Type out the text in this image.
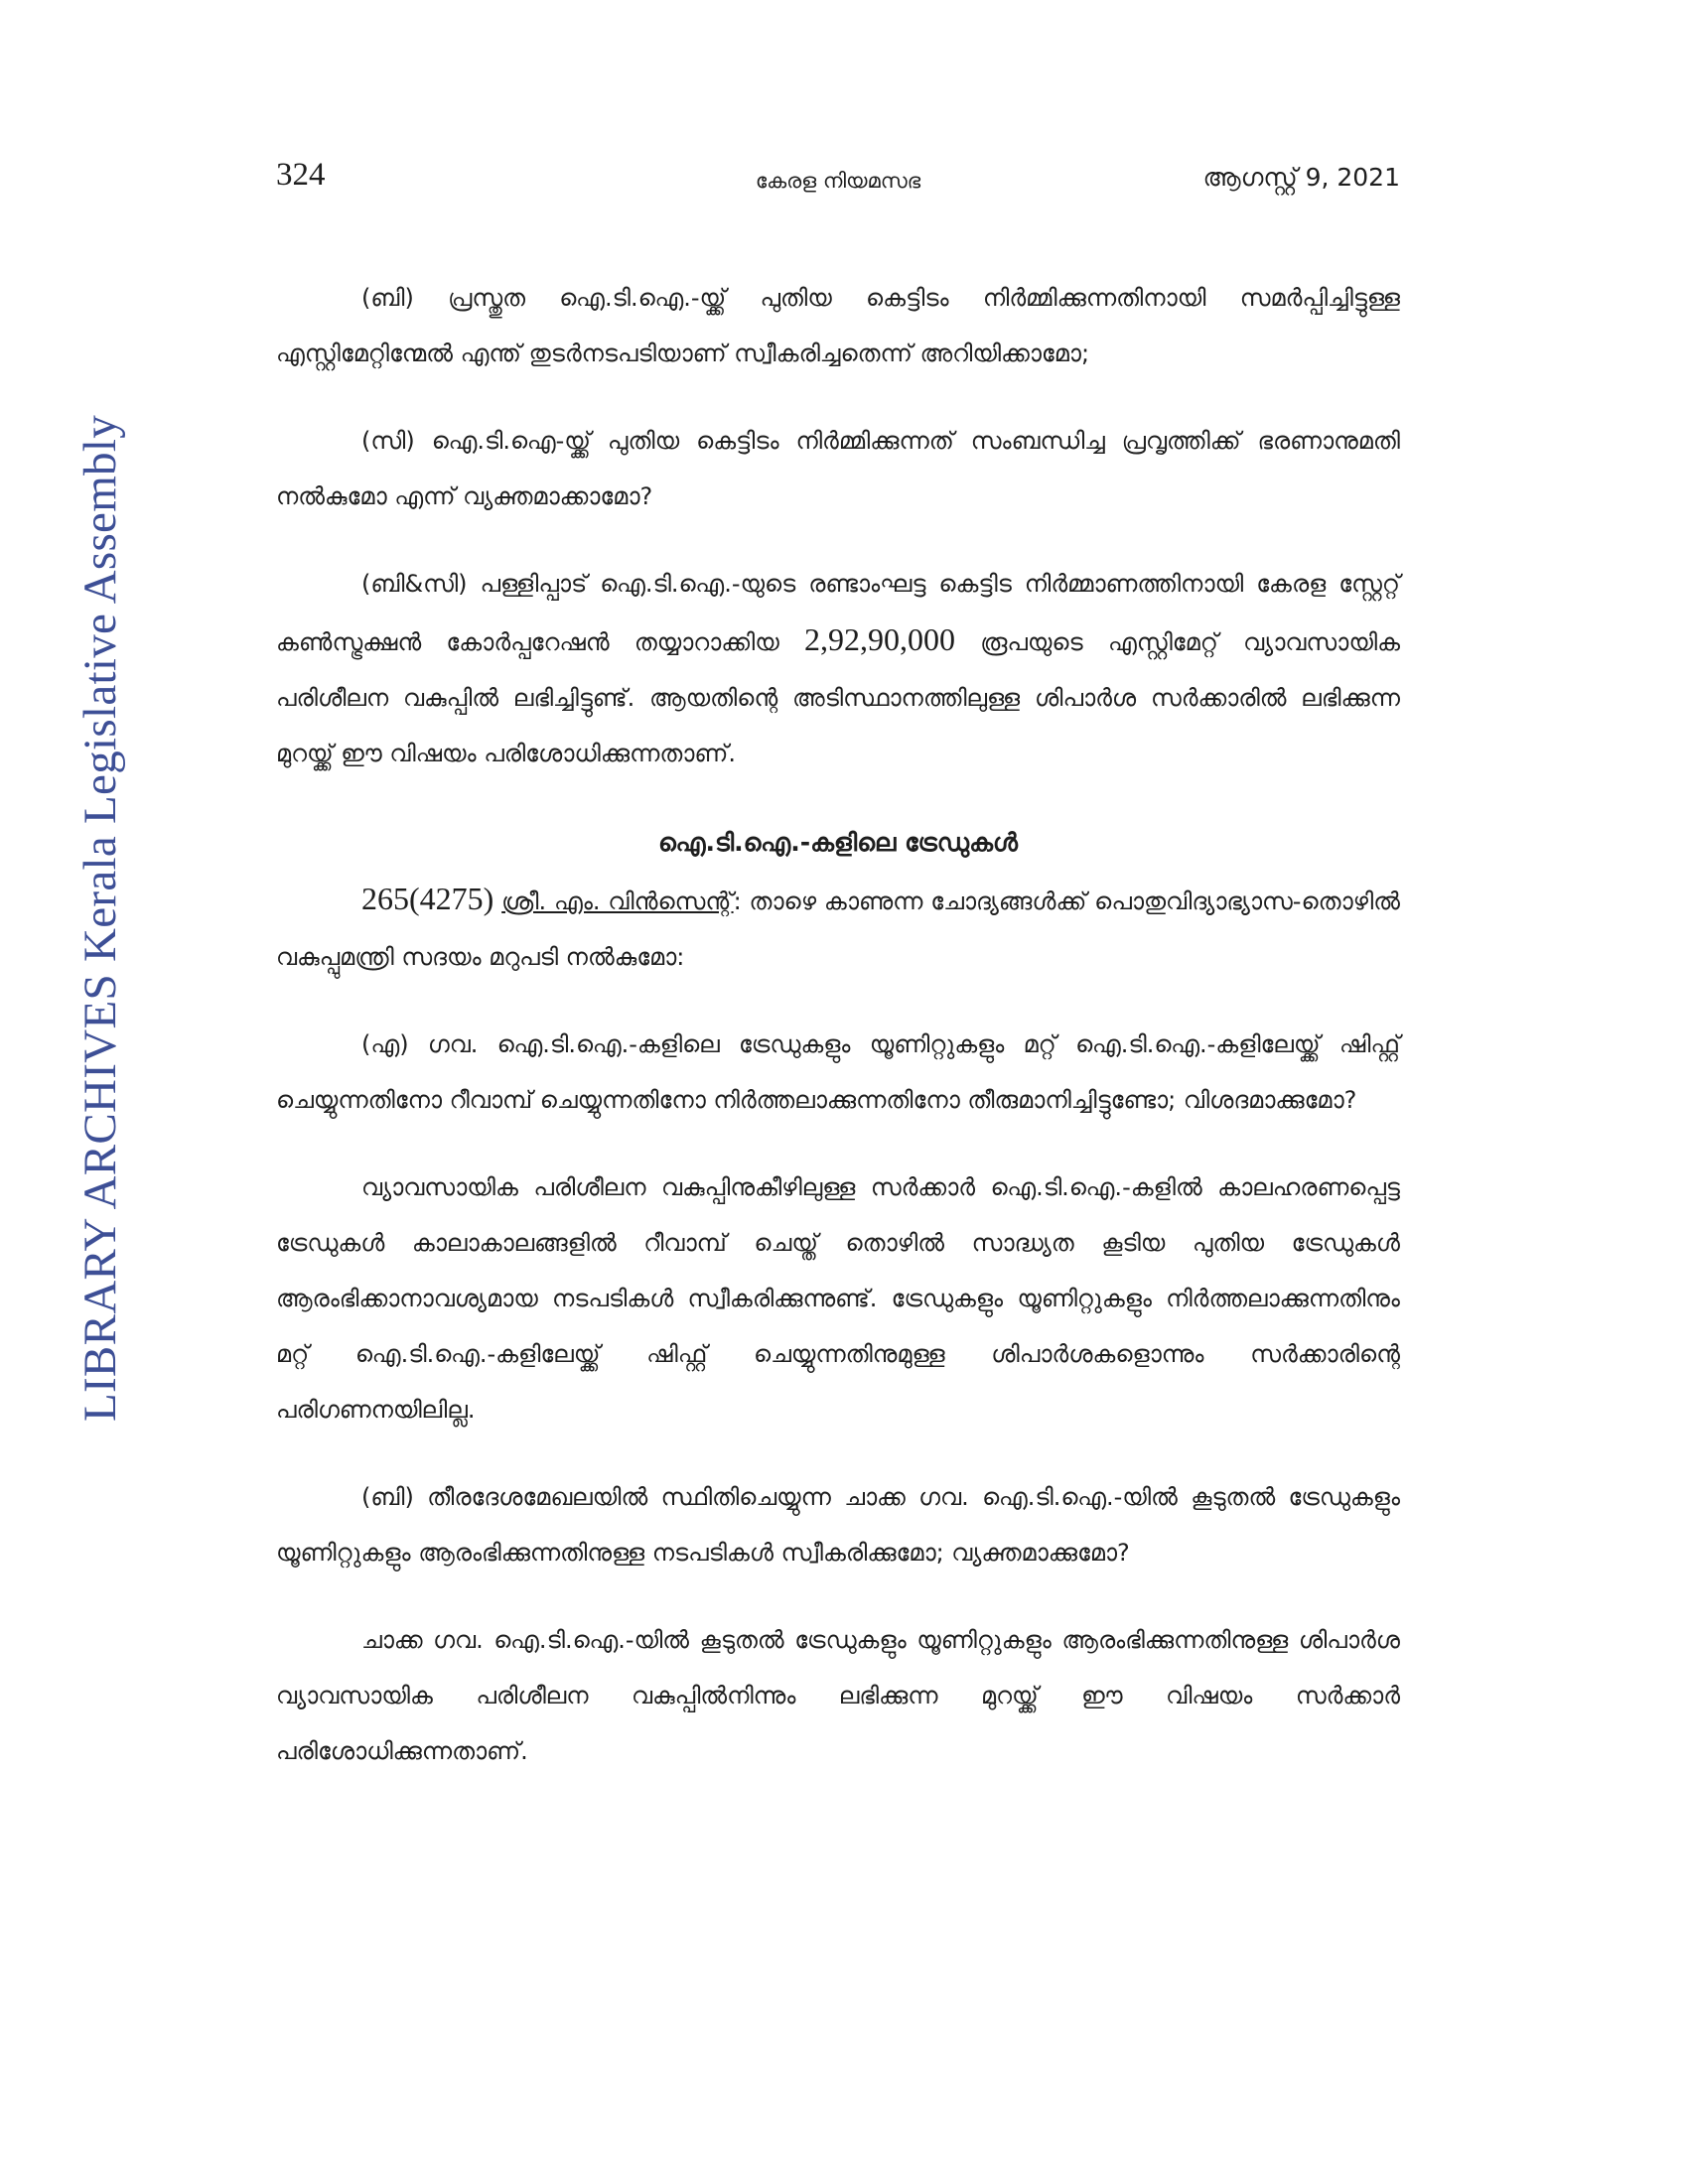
LIBRARY ARCHIVES Kerala Legislative Assembly
324	കേരള നിയമസഭ	ആഗസ്റ്റ് 9, 2021

(ബി) പ്രസ്തുത ഐ.ടി.ഐ.-യ്ക്ക് പുതിയ കെട്ടിടം നിർമ്മിക്കുന്നതിനായി സമർപ്പിച്ചിട്ടുള്ള എസ്റ്റിമേറ്റിന്മേൽ എന്ത് തുടർനടപടിയാണ് സ്വീകരിച്ചതെന്ന് അറിയിക്കാമോ;

(സി) ഐ.ടി.ഐ-യ്ക്ക് പുതിയ കെട്ടിടം നിർമ്മിക്കുന്നത് സംബന്ധിച്ച പ്രവൃത്തിക്ക് ഭരണാനുമതി നൽകുമോ എന്ന് വ്യക്തമാക്കാമോ?

(ബി&സി) പള്ളിപ്പാട് ഐ.ടി.ഐ.-യുടെ രണ്ടാംഘട്ട കെട്ടിട നിർമ്മാണത്തിനായി കേരള സ്റ്റേറ്റ് കൺസ്ട്രക്ഷൻ കോർപ്പറേഷൻ തയ്യാറാക്കിയ 2,92,90,000 രൂപയുടെ എസ്റ്റിമേറ്റ് വ്യാവസായിക പരിശീലന വകുപ്പിൽ ലഭിച്ചിട്ടുണ്ട്. ആയതിന്റെ അടിസ്ഥാനത്തിലുള്ള ശിപാർശ സർക്കാരിൽ ലഭിക്കുന്ന മുറയ്ക്ക് ഈ വിഷയം പരിശോധിക്കുന്നതാണ്.

ഐ.ടി.ഐ.-കളിലെ ട്രേഡുകൾ

265(4275) ശ്രീ. എം. വിൻസെന്റ്: താഴെ കാണുന്ന ചോദ്യങ്ങൾക്ക് പൊതുവിദ്യാഭ്യാസ-തൊഴിൽ വകുപ്പുമന്ത്രി സദയം മറുപടി നൽകുമോ:

(എ) ഗവ. ഐ.ടി.ഐ.-കളിലെ ട്രേഡുകളും യൂണിറ്റുകളും മറ്റ് ഐ.ടി.ഐ.-കളിലേയ്ക്ക് ഷിഫ്റ്റ് ചെയ്യുന്നതിനോ റീവാമ്പ് ചെയ്യുന്നതിനോ നിർത്തലാക്കുന്നതിനോ തീരുമാനിച്ചിട്ടുണ്ടോ; വിശദമാക്കുമോ?

വ്യാവസായിക പരിശീലന വകുപ്പിനുകീഴിലുള്ള സർക്കാർ ഐ.ടി.ഐ.-കളിൽ കാലഹരണപ്പെട്ട ട്രേഡുകൾ കാലാകാലങ്ങളിൽ റീവാമ്പ് ചെയ്ത് തൊഴിൽ സാദ്ധ്യത കൂടിയ പുതിയ ട്രേഡുകൾ ആരംഭിക്കാനാവശ്യമായ നടപടികൾ സ്വീകരിക്കുന്നുണ്ട്. ട്രേഡുകളും യൂണിറ്റുകളും നിർത്തലാക്കുന്നതിനും മറ്റ് ഐ.ടി.ഐ.-കളിലേയ്ക്ക് ഷിഫ്റ്റ് ചെയ്യുന്നതിനുമുള്ള ശിപാർശകളൊന്നും സർക്കാരിന്റെ പരിഗണനയിലില്ല.

(ബി) തീരദേശമേഖലയിൽ സ്ഥിതിചെയ്യുന്ന ചാക്ക ഗവ. ഐ.ടി.ഐ.-യിൽ കൂടുതൽ ട്രേഡുകളും യൂണിറ്റുകളും ആരംഭിക്കുന്നതിനുള്ള നടപടികൾ സ്വീകരിക്കുമോ; വ്യക്തമാക്കുമോ?

ചാക്ക ഗവ. ഐ.ടി.ഐ.-യിൽ കൂടുതൽ ട്രേഡുകളും യൂണിറ്റുകളും ആരംഭിക്കുന്നതിനുള്ള ശിപാർശ വ്യാവസായിക പരിശീലന വകുപ്പിൽനിന്നും ലഭിക്കുന്ന മുറയ്ക്ക് ഈ വിഷയം സർക്കാർ പരിശോധിക്കുന്നതാണ്.
